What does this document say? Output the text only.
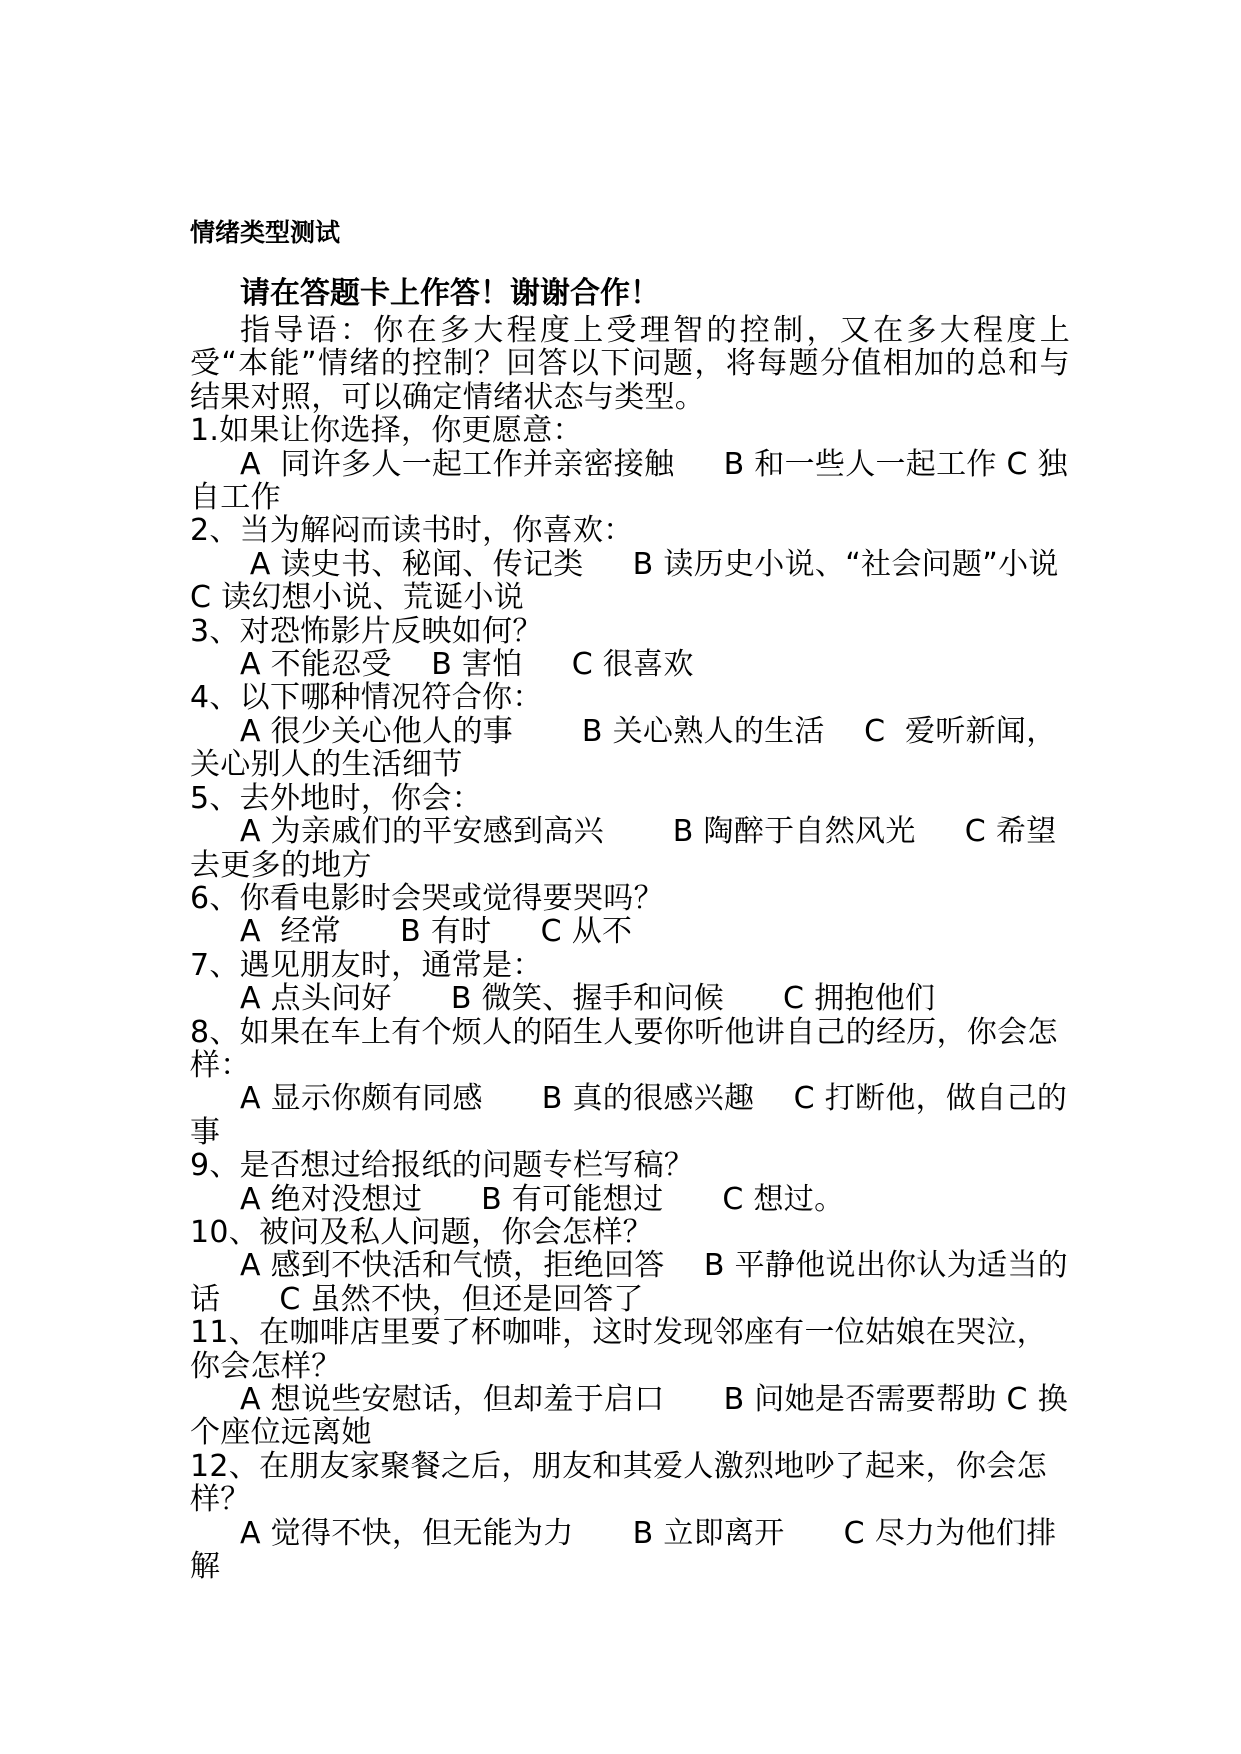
情绪类型测试
请在答题卡上作答！谢谢合作！

指导语：你在多大程度上受理智的控制，又在多大程度上受“本能”情绪的控制？回答以下问题，将每题分值相加的总和与结果对照，可以确定情绪状态与类型。

1.如果让你选择，你更愿意：

A  同许多人一起工作并亲密接触     B 和一些人一起工作 C 独自工作

2、当为解闷而读书时，你喜欢：

A 读史书、秘闻、传记类     B 读历史小说、“社会问题”小说    C 读幻想小说、荒诞小说

3、对恐怖影片反映如何？

A 不能忍受    B 害怕     C 很喜欢

4、以下哪种情况符合你：

A 很少关心他人的事       B 关心熟人的生活    C  爱听新闻，关心别人的生活细节

5、去外地时，你会：

A 为亲戚们的平安感到高兴       B 陶醉于自然风光     C 希望去更多的地方

6、你看电影时会哭或觉得要哭吗？

A  经常      B 有时     C 从不

7、遇见朋友时，通常是：

A 点头问好      B 微笑、握手和问候      C 拥抱他们

8、如果在车上有个烦人的陌生人要你听他讲自己的经历，你会怎样：

A 显示你颇有同感      B 真的很感兴趣    C 打断他，做自己的事

9、是否想过给报纸的问题专栏写稿？

A 绝对没想过      B 有可能想过      C 想过。

10、被问及私人问题，你会怎样？

A 感到不快活和气愤，拒绝回答    B 平静他说出你认为适当的话      C 虽然不快，但还是回答了

11、在咖啡店里要了杯咖啡，这时发现邻座有一位姑娘在哭泣，你会怎样？

A 想说些安慰话，但却羞于启口      B 问她是否需要帮助 C 换个座位远离她

12、在朋友家聚餐之后，朋友和其爱人激烈地吵了起来，你会怎样？

A 觉得不快，但无能为力      B 立即离开      C 尽力为他们排解
